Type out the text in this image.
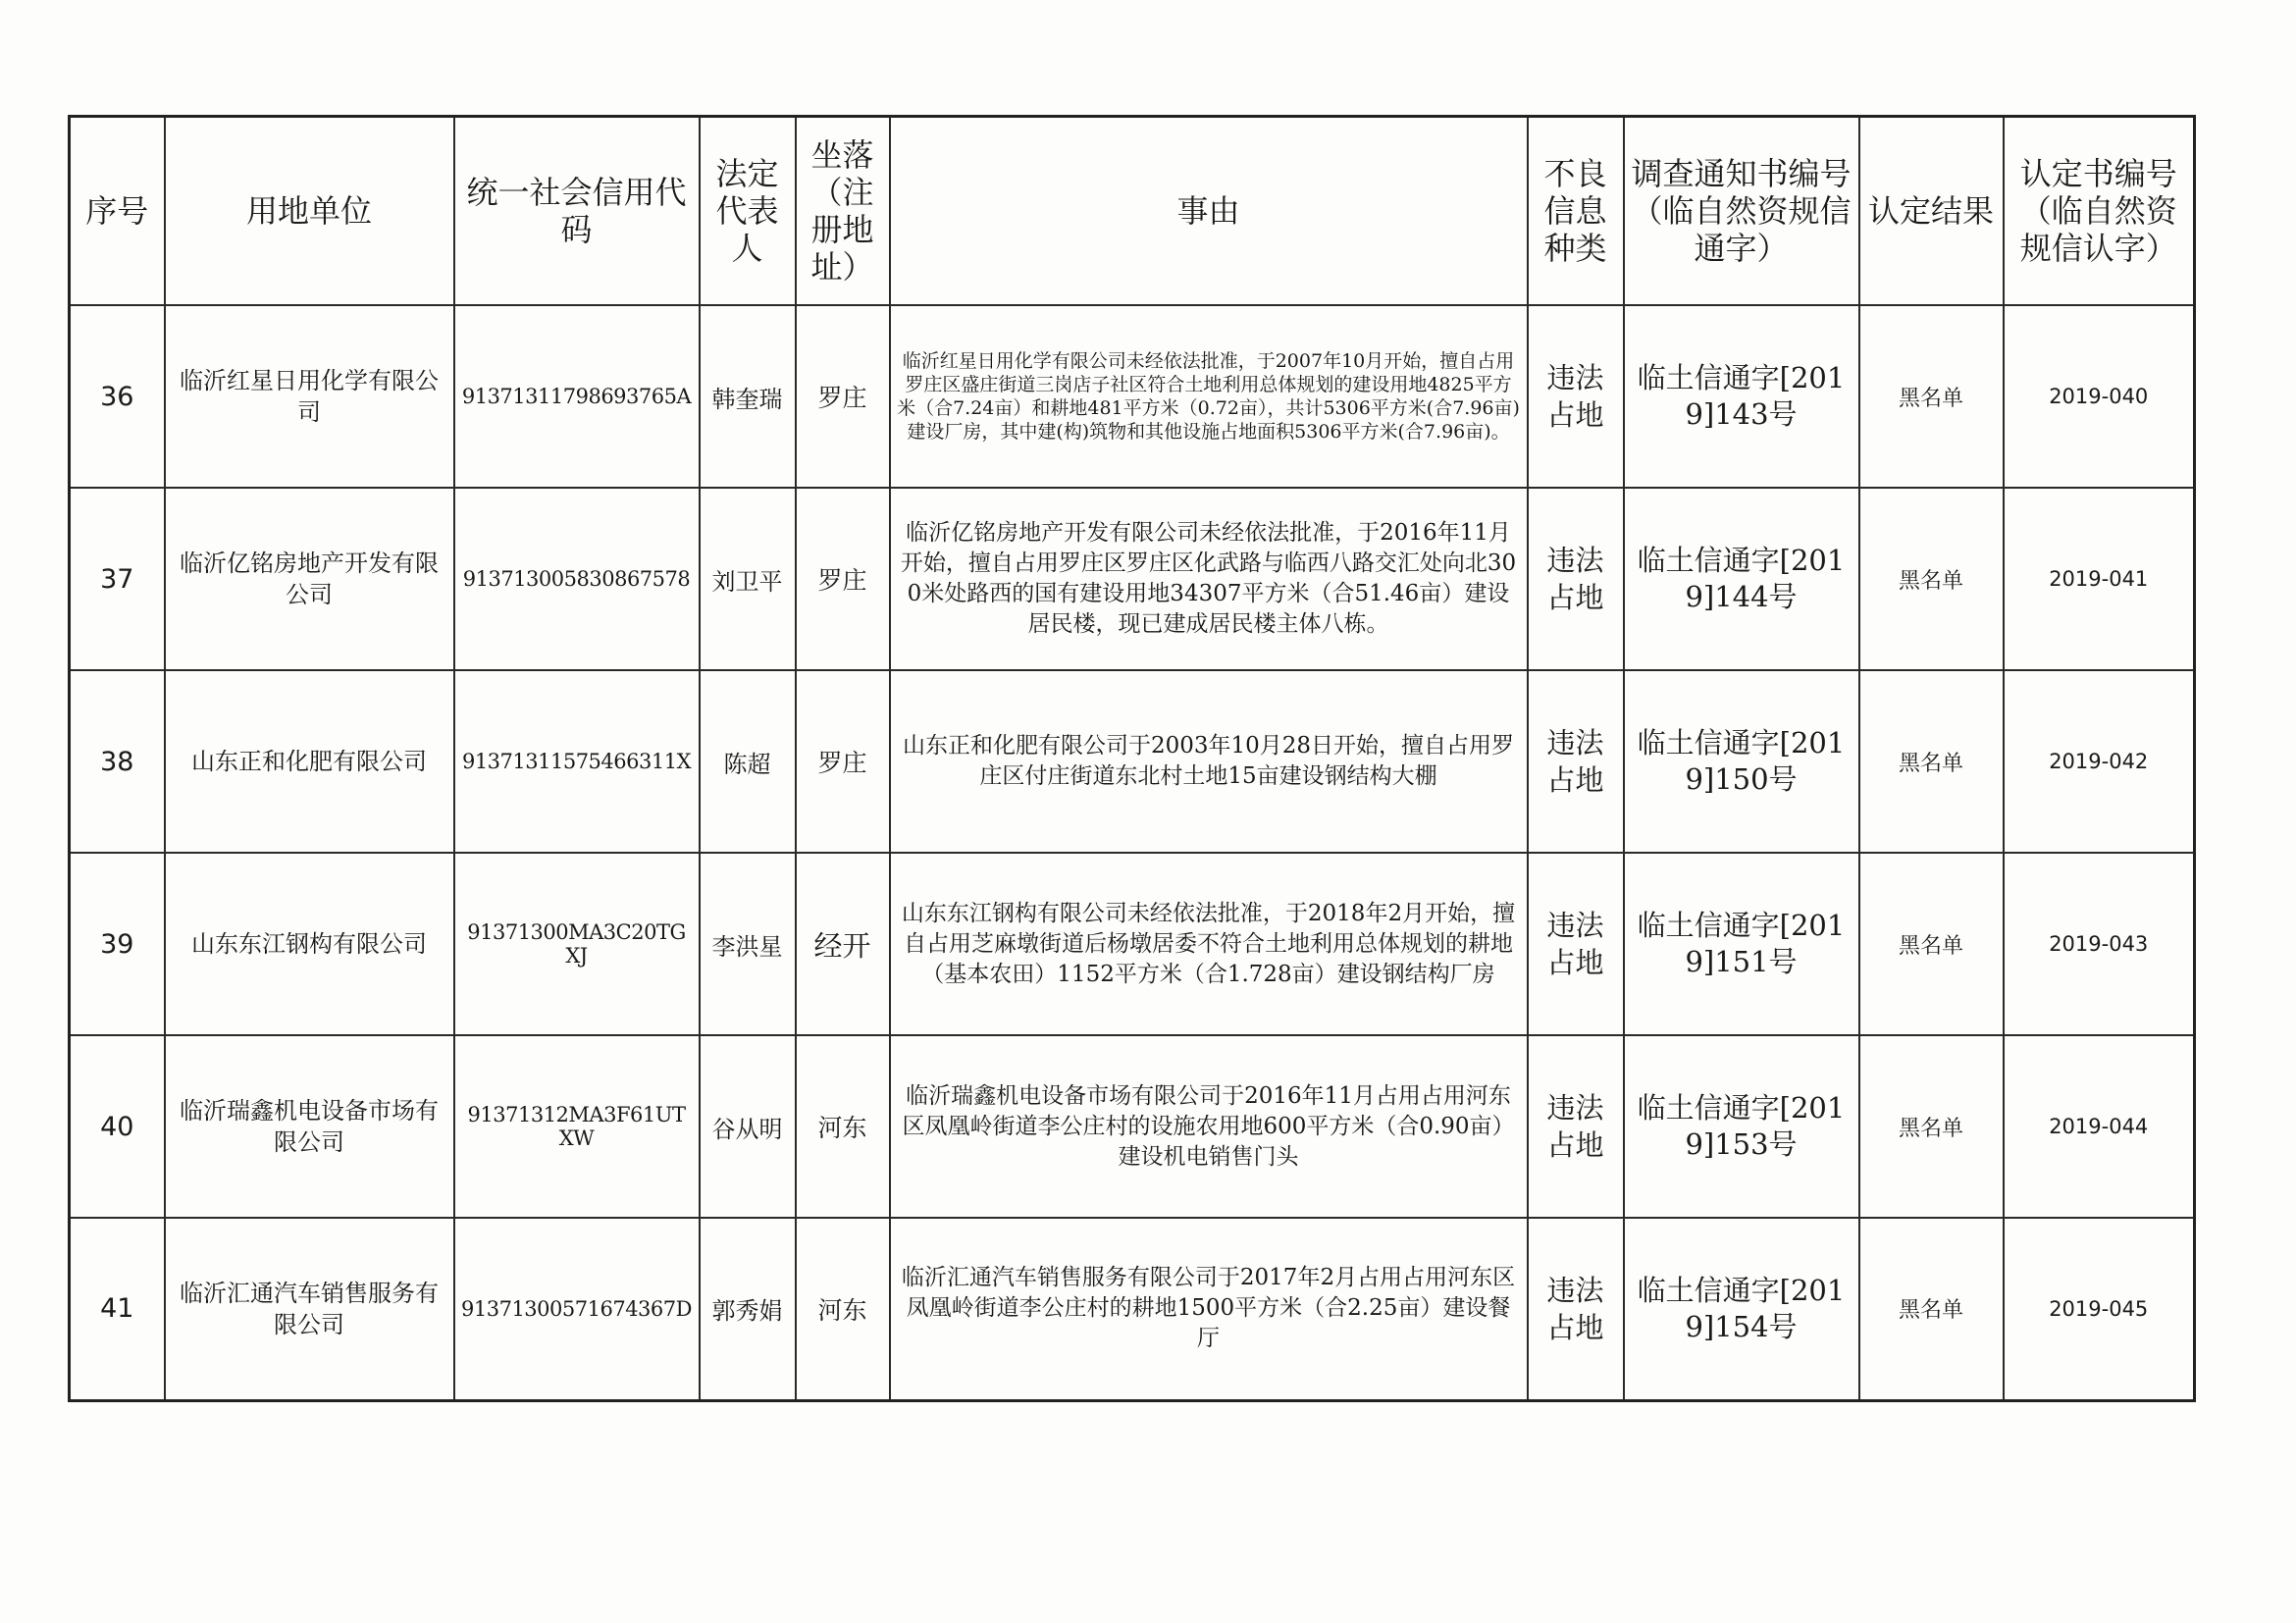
序号	用地单位	统一社会信用代码	法定代表人	坐落（注册地址）	事由	不良信息种类	调查通知书编号（临自然资规信通字）	认定结果	认定书编号（临自然资规信认字）
36	临沂红星日用化学有限公司	91371311798693765A	韩奎瑞	罗庄	临沂红星日用化学有限公司未经依法批准，于2007年10月开始，擅自占用罗庄区盛庄街道三岗店子社区符合土地利用总体规划的建设用地4825平方米（合7.24亩）和耕地481平方米（0.72亩），共计5306平方米(合7.96亩)建设厂房，其中建(构)筑物和其他设施占地面积5306平方米(合7.96亩)。	违法占地	临土信通字[2019]143号	黑名单	2019-040
37	临沂亿铭房地产开发有限公司	913713005830867578	刘卫平	罗庄	临沂亿铭房地产开发有限公司未经依法批准，于2016年11月开始，擅自占用罗庄区罗庄区化武路与临西八路交汇处向北300米处路西的国有建设用地34307平方米（合51.46亩）建设居民楼，现已建成居民楼主体八栋。	违法占地	临土信通字[2019]144号	黑名单	2019-041
38	山东正和化肥有限公司	91371311575466311X	陈超	罗庄	山东正和化肥有限公司于2003年10月28日开始，擅自占用罗庄区付庄街道东北村土地15亩建设钢结构大棚	违法占地	临土信通字[2019]150号	黑名单	2019-042
39	山东东江钢构有限公司	91371300MA3C20TGXJ	李洪星	经开	山东东江钢构有限公司未经依法批准，于2018年2月开始，擅自占用芝麻墩街道后杨墩居委不符合土地利用总体规划的耕地（基本农田）1152平方米（合1.728亩）建设钢结构厂房	违法占地	临土信通字[2019]151号	黑名单	2019-043
40	临沂瑞鑫机电设备市场有限公司	91371312MA3F61UTXW	谷从明	河东	临沂瑞鑫机电设备市场有限公司于2016年11月占用占用河东区凤凰岭街道李公庄村的设施农用地600平方米（合0.90亩）建设机电销售门头	违法占地	临土信通字[2019]153号	黑名单	2019-044
41	临沂汇通汽车销售服务有限公司	91371300571674367D	郭秀娟	河东	临沂汇通汽车销售服务有限公司于2017年2月占用占用河东区凤凰岭街道李公庄村的耕地1500平方米（合2.25亩）建设餐厅	违法占地	临土信通字[2019]154号	黑名单	2019-045
